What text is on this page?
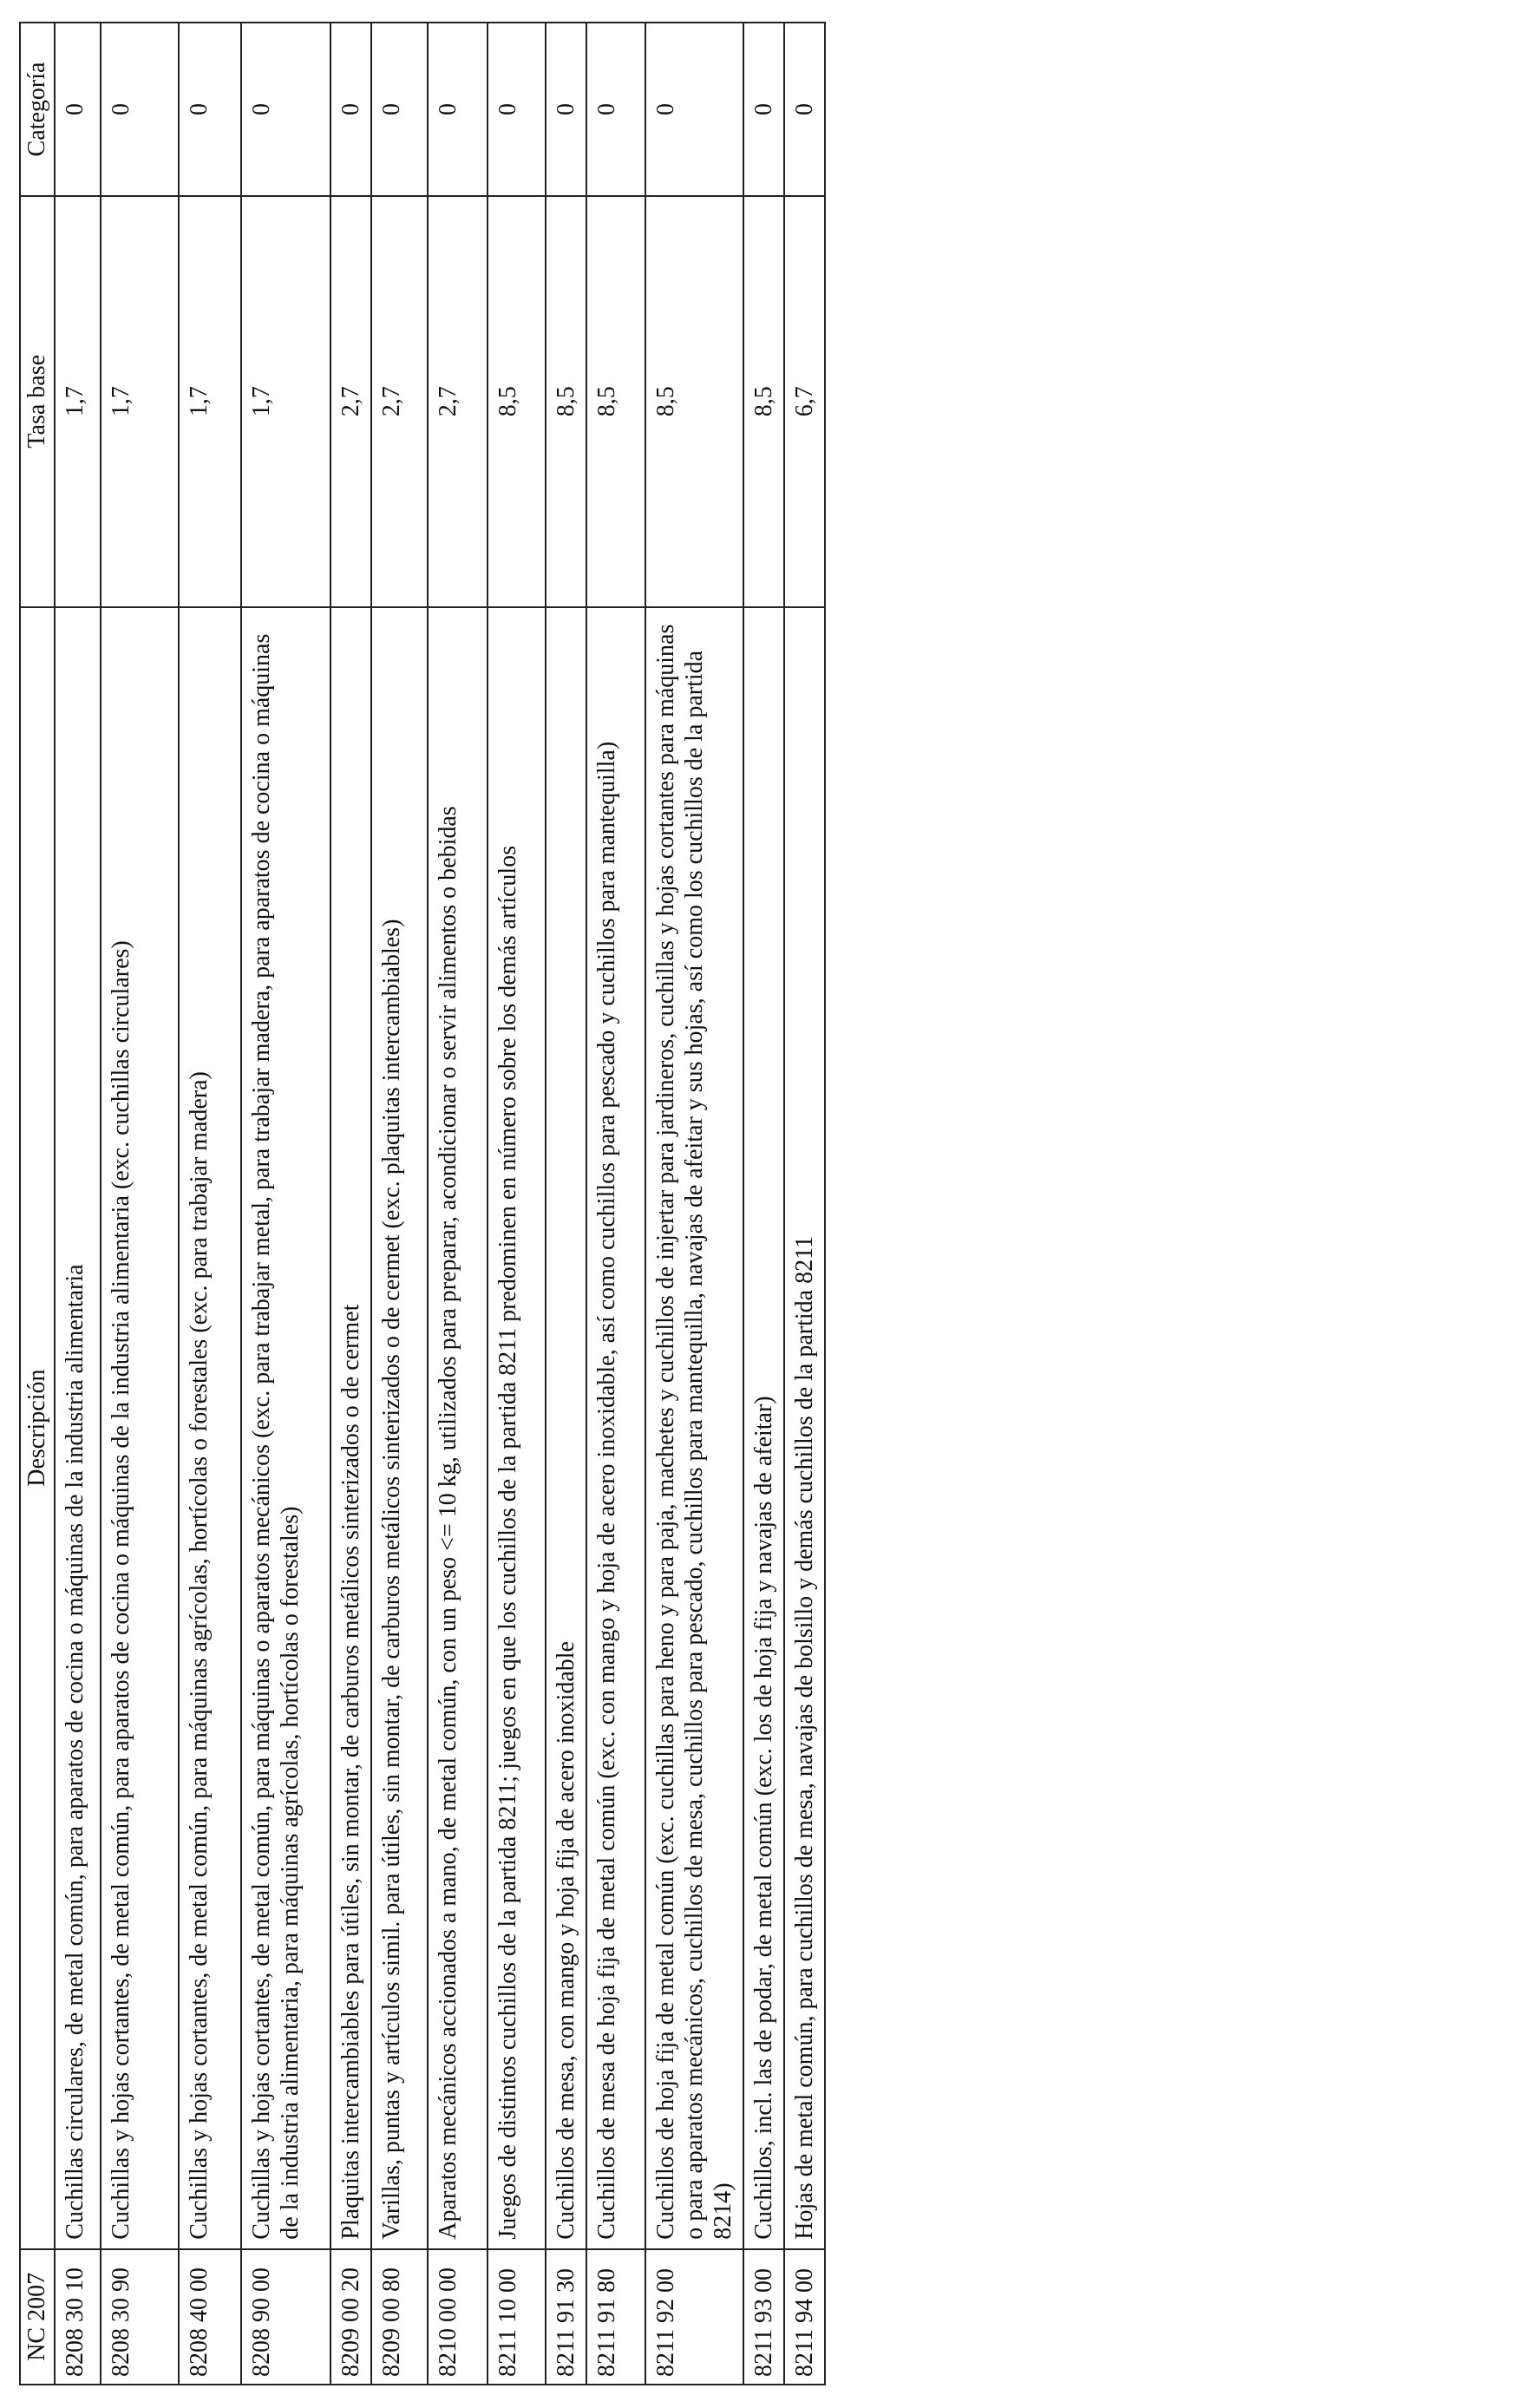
NC 2007	Descripción	Tasa base	Categoría
8208 30 10	Cuchillas circulares, de metal común, para aparatos de cocina o máquinas de la industria alimentaria	1,7	0
8208 30 90	Cuchillas y hojas cortantes, de metal común, para aparatos de cocina o máquinas de la industria alimentaria (exc. cuchillas circulares)	1,7	0
8208 40 00	Cuchillas y hojas cortantes, de metal común, para máquinas agrícolas, hortícolas o forestales (exc. para trabajar madera)	1,7	0
8208 90 00	Cuchillas y hojas cortantes, de metal común, para máquinas o aparatos mecánicos (exc. para trabajar metal, para trabajar madera, para aparatos de cocina o máquinas de la industria alimentaria, para máquinas agrícolas, hortícolas o forestales)	1,7	0
8209 00 20	Plaquitas intercambiables para útiles, sin montar, de carburos metálicos sinterizados o de cermet	2,7	0
8209 00 80	Varillas, puntas y artículos simil. para útiles, sin montar, de carburos metálicos sinterizados o de cermet (exc. plaquitas intercambiables)	2,7	0
8210 00 00	Aparatos mecánicos accionados a mano, de metal común, con un peso <= 10 kg, utilizados para preparar, acondicionar o servir alimentos o bebidas	2,7	0
8211 10 00	Juegos de distintos cuchillos de la partida 8211; juegos en que los cuchillos de la partida 8211 predominen en número sobre los demás artículos	8,5	0
8211 91 30	Cuchillos de mesa, con mango y hoja fija de acero inoxidable	8,5	0
8211 91 80	Cuchillos de mesa de hoja fija de metal común (exc. con mango y hoja de acero inoxidable, así como cuchillos para pescado y cuchillos para mantequilla)	8,5	0
8211 92 00	Cuchillos de hoja fija de metal común (exc. cuchillas para heno y para paja, machetes y cuchillos de injertar para jardineros, cuchillas y hojas cortantes para máquinas o para aparatos mecánicos, cuchillos de mesa, cuchillos para pescado, cuchillos para mantequilla, navajas de afeitar y sus hojas, así como los cuchillos de la partida 8214)	8,5	0
8211 93 00	Cuchillos, incl. las de podar, de metal común (exc. los de hoja fija y navajas de afeitar)	8,5	0
8211 94 00	Hojas de metal común, para cuchillos de mesa, navajas de bolsillo y demás cuchillos de la partida 8211	6,7	0
